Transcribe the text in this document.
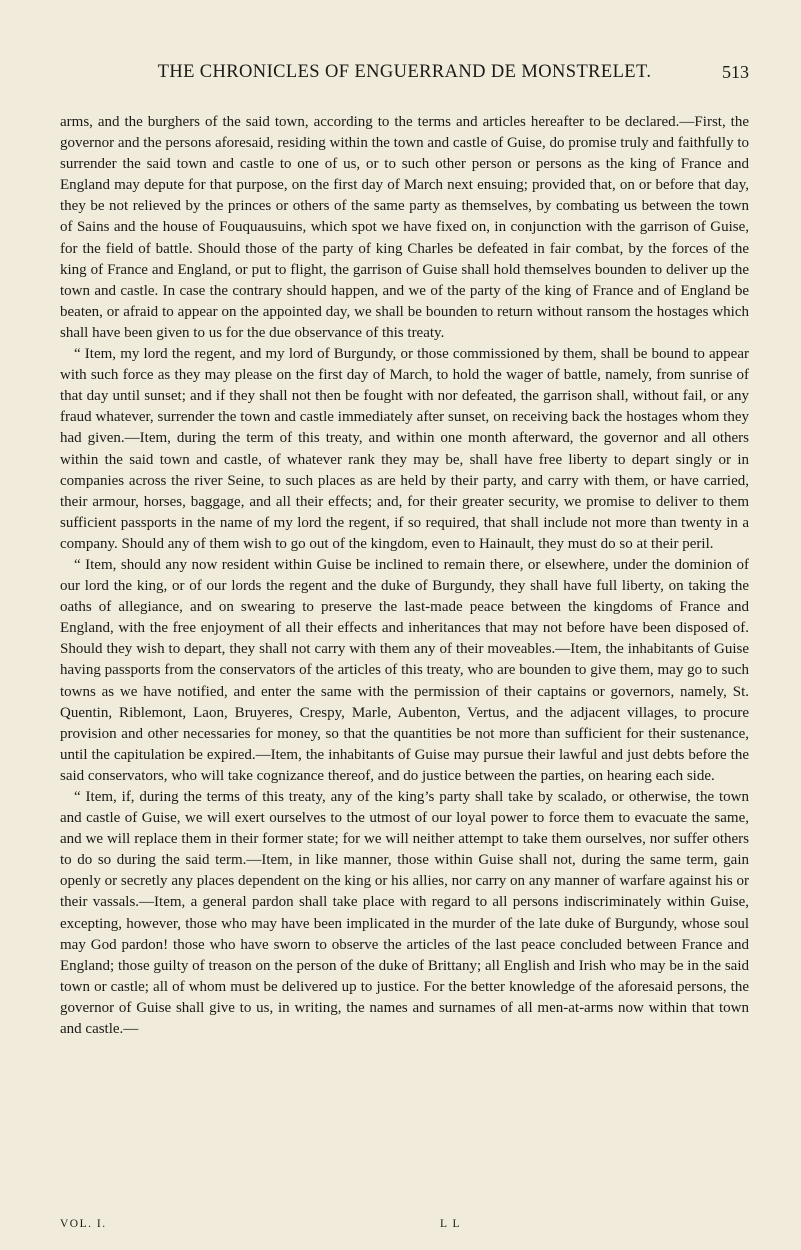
THE CHRONICLES OF ENGUERRAND DE MONSTRELET.	513

arms, and the burghers of the said town, according to the terms and articles hereafter to be declared.—First, the governor and the persons aforesaid, residing within the town and castle of Guise, do promise truly and faithfully to surrender the said town and castle to one of us, or to such other person or persons as the king of France and England may depute for that purpose, on the first day of March next ensuing; provided that, on or before that day, they be not relieved by the princes or others of the same party as themselves, by combating us between the town of Sains and the house of Fouquausuins, which spot we have fixed on, in conjunction with the garrison of Guise, for the field of battle. Should those of the party of king Charles be defeated in fair combat, by the forces of the king of France and England, or put to flight, the garrison of Guise shall hold themselves bounden to deliver up the town and castle. In case the contrary should happen, and we of the party of the king of France and of England be beaten, or afraid to appear on the appointed day, we shall be bounden to return without ransom the hostages which shall have been given to us for the due observance of this treaty.

“ Item, my lord the regent, and my lord of Burgundy, or those commissioned by them, shall be bound to appear with such force as they may please on the first day of March, to hold the wager of battle, namely, from sunrise of that day until sunset; and if they shall not then be fought with nor defeated, the garrison shall, without fail, or any fraud whatever, surrender the town and castle immediately after sunset, on receiving back the hostages whom they had given.—Item, during the term of this treaty, and within one month afterward, the governor and all others within the said town and castle, of whatever rank they may be, shall have free liberty to depart singly or in companies across the river Seine, to such places as are held by their party, and carry with them, or have carried, their armour, horses, baggage, and all their effects; and, for their greater security, we promise to deliver to them sufficient passports in the name of my lord the regent, if so required, that shall include not more than twenty in a company. Should any of them wish to go out of the kingdom, even to Hainault, they must do so at their peril.

“ Item, should any now resident within Guise be inclined to remain there, or elsewhere, under the dominion of our lord the king, or of our lords the regent and the duke of Burgundy, they shall have full liberty, on taking the oaths of allegiance, and on swearing to preserve the last-made peace between the kingdoms of France and England, with the free enjoyment of all their effects and inheritances that may not before have been disposed of. Should they wish to depart, they shall not carry with them any of their moveables.—Item, the inhabitants of Guise having passports from the conservators of the articles of this treaty, who are bounden to give them, may go to such towns as we have notified, and enter the same with the permission of their captains or governors, namely, St. Quentin, Riblemont, Laon, Bruyeres, Crespy, Marle, Aubenton, Vertus, and the adjacent villages, to procure provision and other necessaries for money, so that the quantities be not more than sufficient for their sustenance, until the capitulation be expired.—Item, the inhabitants of Guise may pursue their lawful and just debts before the said conservators, who will take cognizance thereof, and do justice between the parties, on hearing each side.

“ Item, if, during the terms of this treaty, any of the king’s party shall take by scalado, or otherwise, the town and castle of Guise, we will exert ourselves to the utmost of our loyal power to force them to evacuate the same, and we will replace them in their former state; for we will neither attempt to take them ourselves, nor suffer others to do so during the said term.—Item, in like manner, those within Guise shall not, during the same term, gain openly or secretly any places dependent on the king or his allies, nor carry on any manner of warfare against his or their vassals.—Item, a general pardon shall take place with regard to all persons indiscriminately within Guise, excepting, however, those who may have been implicated in the murder of the late duke of Burgundy, whose soul may God pardon! those who have sworn to observe the articles of the last peace concluded between France and England; those guilty of treason on the person of the duke of Brittany; all English and Irish who may be in the said town or castle; all of whom must be delivered up to justice. For the better knowledge of the aforesaid persons, the governor of Guise shall give to us, in writing, the names and surnames of all men-at-arms now within that town and castle.—

VOL. I.	L L
